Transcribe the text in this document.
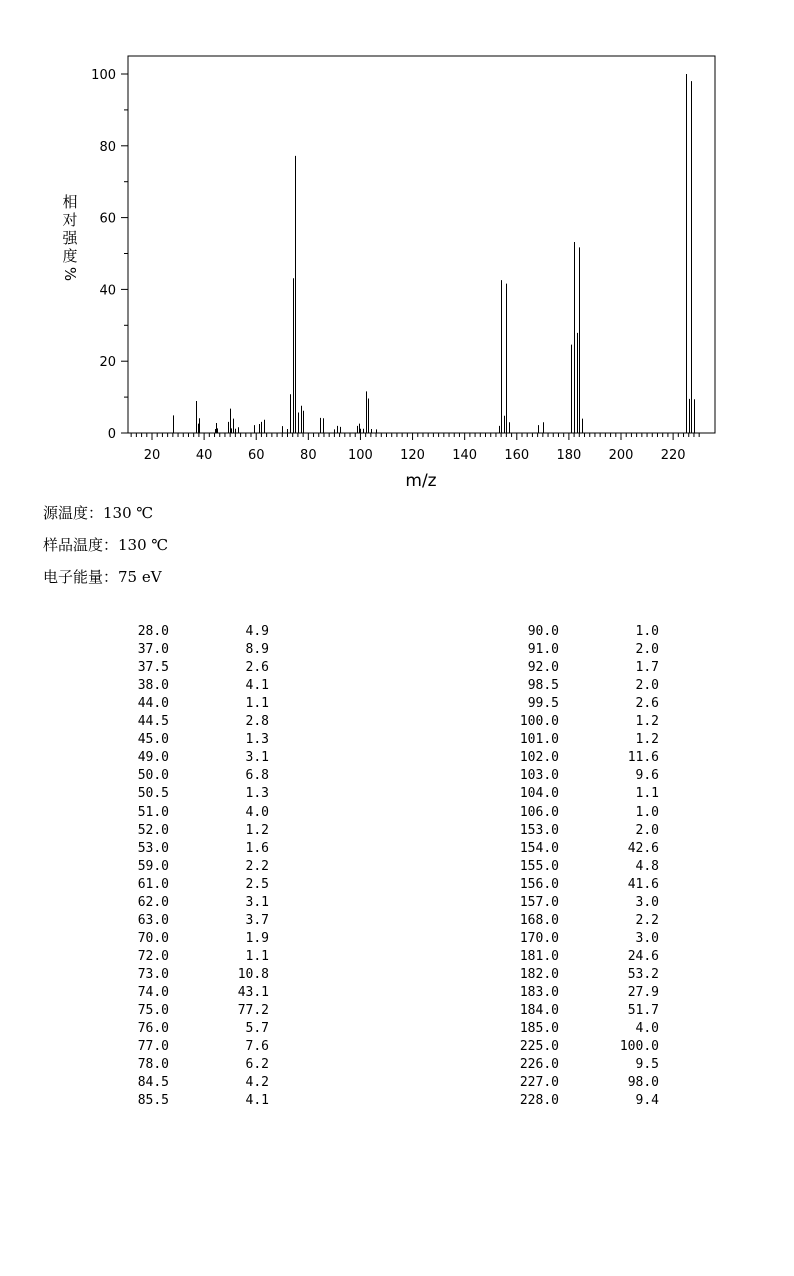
0
20
40
60
80
100
20	40	60	80 100 120 140 160 180 200 220
m/z
相
对
强
度
%
源温度：130 ℃
样品温度：130 ℃
电子能量：75 eV
28.0	4.9
37.0	8.9
37.5	2.6
38.0	4.1
44.0	1.1
44.5	2.8
45.0	1.3
49.0	3.1
50.0	6.8
50.5	1.3
51.0	4.0
52.0	1.2
53.0	1.6
59.0	2.2
61.0	2.5
62.0	3.1
63.0	3.7
70.0	1.9
72.0	1.1
73.0	10.8
74.0	43.1
75.0	77.2
76.0	5.7
77.0	7.6
78.0	6.2
84.5	4.2
85.5	4.1
90.0	1.0
91.0	2.0
92.0	1.7
98.5	2.0
99.5	2.6
100.0	1.2
101.0	1.2
102.0	11.6
103.0	9.6
104.0	1.1
106.0	1.0
153.0	2.0
154.0	42.6
155.0	4.8
156.0	41.6
157.0	3.0
168.0	2.2
170.0	3.0
181.0	24.6
182.0	53.2
183.0	27.9
184.0	51.7
185.0	4.0
225.0	100.0
226.0	9.5
227.0	98.0
228.0	9.4
